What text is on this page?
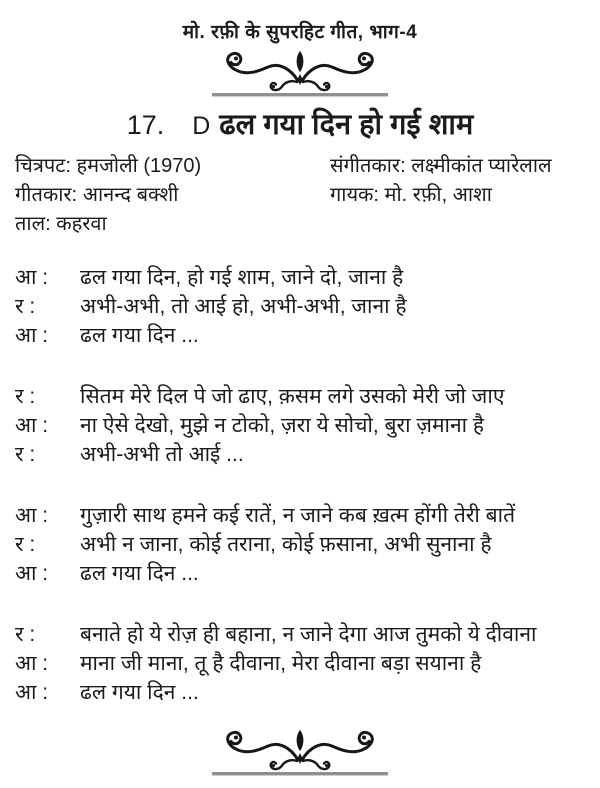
मो. रफ़ी के सुपरहिट गीत, भाग-4
17. D ढल गया दिन हो गई शाम
चित्रपट: हमजोली (1970)
गीतकार: आनन्द बक्शी
ताल: कहरवा
संगीतकार: लक्ष्मीकांत प्यारेलाल
गायक: मो. रफ़ी, आशा
आ :	ढल गया दिन, हो गई शाम, जाने दो, जाना है
र :	अभी-अभी, तो आई हो, अभी-अभी, जाना है
आ :	ढल गया दिन ...
र :	सितम मेरे दिल पे जो ढाए, क़सम लगे उसको मेरी जो जाए
आ :	ना ऐसे देखो, मुझे न टोको, ज़रा ये सोचो, बुरा ज़माना है
र :	अभी-अभी तो आई ...
आ :	गुज़ारी साथ हमने कई रातें, न जाने कब ख़त्म होंगी तेरी बातें
र :	अभी न जाना, कोई तराना, कोई फ़साना, अभी सुनाना है
आ :	ढल गया दिन ...
र :	बनाते हो ये रोज़ ही बहाना, न जाने देगा आज तुमको ये दीवाना
आ :	माना जी माना, तू है दीवाना, मेरा दीवाना बड़ा सयाना है
आ :	ढल गया दिन ...
